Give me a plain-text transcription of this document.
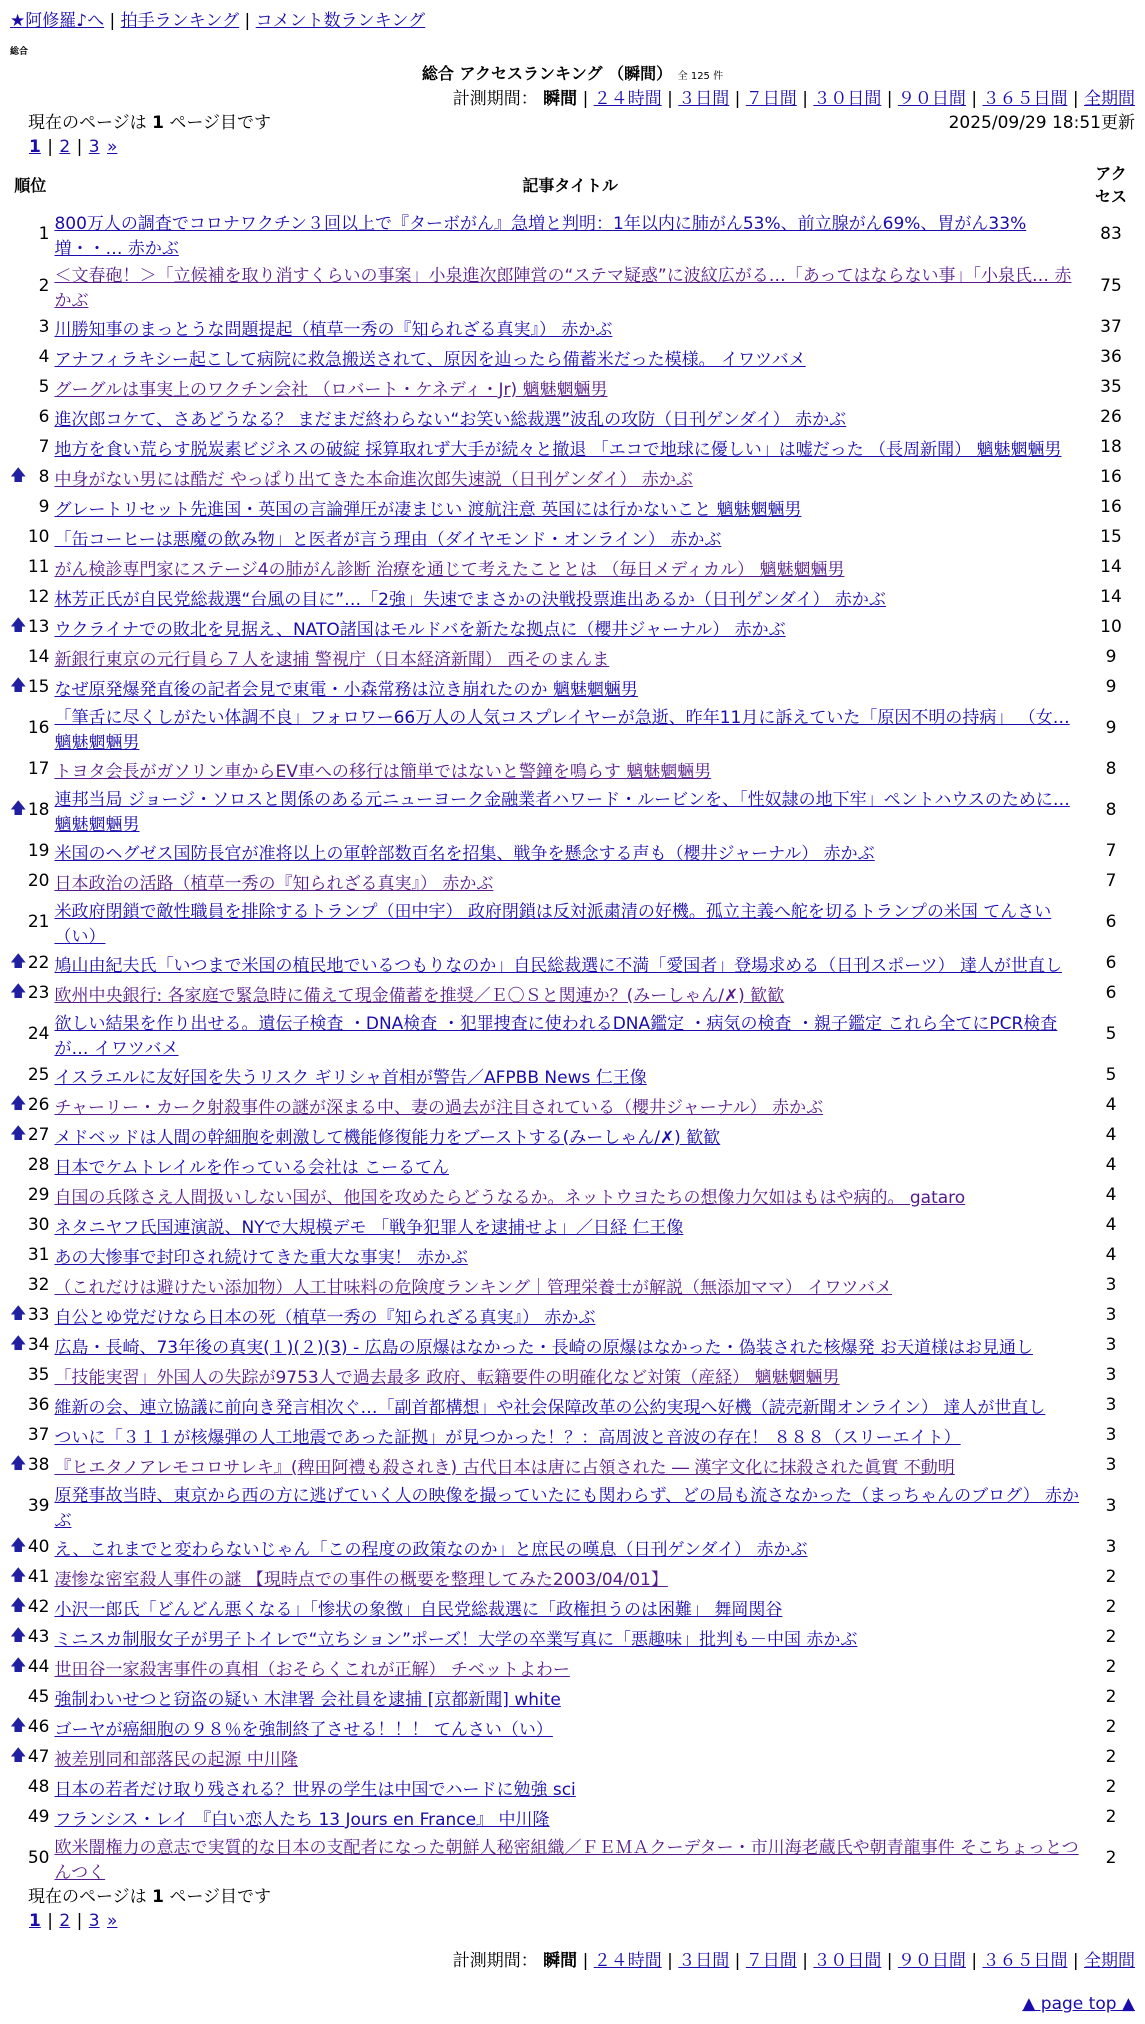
★阿修羅♪へ | 拍手ランキング | コメント数ランキング
総合
総合 アクセスランキング （瞬間） 全 125 件
計測期間： 瞬間 | ２４時間 | ３日間 | ７日間 | ３０日間 | ９０日間 | ３６５日間 | 全期間
現在のページは 1 ページ目です	2025/09/29 18:51更新
1 | 2 | 3 »
順位		記事タイトル	アクセス
	1	800万人の調査でコロナワクチン３回以上で『ターボがん』急増と判明：1年以内に肺がん53%、前立腺がん69%、胃がん33%増・・… 赤かぶ	83
	2	＜文春砲！＞「立候補を取り消すくらいの事案」小泉進次郎陣営の“ステマ疑惑”に波紋広がる…「あってはならない事」「小泉氏… 赤かぶ	75
	3	川勝知事のまっとうな問題提起（植草一秀の『知られざる真実』） 赤かぶ	37
	4	アナフィラキシー起こして病院に救急搬送されて、原因を辿ったら備蓄米だった模様。 イワツバメ	36
	5	グーグルは事実上のワクチン会社 （ロバート・ケネディ・Jr) 魑魅魍魎男	35
	6	進次郎コケて、さあどうなる？ まだまだ終わらない“お笑い総裁選”波乱の攻防（日刊ゲンダイ） 赤かぶ	26
	7	地方を食い荒らす脱炭素ビジネスの破綻 採算取れず大手が続々と撤退 「エコで地球に優しい」は嘘だった （長周新聞） 魑魅魍魎男	18
🡅	8	中身がない男には酷だ やっぱり出てきた本命進次郎失速説（日刊ゲンダイ） 赤かぶ	16
	9	グレートリセット先進国・英国の言論弾圧が凄まじい 渡航注意 英国には行かないこと 魑魅魍魎男	16
	10	「缶コーヒーは悪魔の飲み物」と医者が言う理由（ダイヤモンド・オンライン） 赤かぶ	15
	11	がん検診専門家にステージ4の肺がん診断 治療を通じて考えたこととは （毎日メディカル） 魑魅魍魎男	14
	12	林芳正氏が自民党総裁選“台風の目に”…「2強」失速でまさかの決戦投票進出あるか（日刊ゲンダイ） 赤かぶ	14
🡅	13	ウクライナでの敗北を見据え、NATO諸国はモルドバを新たな拠点に（櫻井ジャーナル） 赤かぶ	10
	14	新銀行東京の元行員ら７人を逮捕 警視庁（日本経済新聞） 西そのまんま	9
🡅	15	なぜ原発爆発直後の記者会見で東電・小森常務は泣き崩れたのか 魑魅魍魎男	9
	16	「筆舌に尽くしがたい体調不良」フォロワー66万人の人気コスプレイヤーが急逝、昨年11月に訴えていた「原因不明の持病」 （女… 魑魅魍魎男	9
	17	トヨタ会長がガソリン車からEV車への移行は簡単ではないと警鐘を鳴らす 魑魅魍魎男	8
🡅	18	連邦当局 ジョージ・ソロスと関係のある元ニューヨーク金融業者ハワード・ルービンを、「性奴隷の地下牢」ペントハウスのために… 魑魅魍魎男	8
	19	米国のヘグゼス国防長官が准将以上の軍幹部数百名を招集、戦争を懸念する声も（櫻井ジャーナル） 赤かぶ	7
	20	日本政治の活路（植草一秀の『知られざる真実』） 赤かぶ	7
	21	米政府閉鎖で敵性職員を排除するトランプ（田中宇） 政府閉鎖は反対派粛清の好機。孤立主義へ舵を切るトランプの米国 てんさい（い）	6
🡅	22	鳩山由紀夫氏「いつまで米国の植民地でいるつもりなのか」自民総裁選に不満「愛国者」登場求める（日刊スポーツ） 達人が世直し	6
🡅	23	欧州中央銀行: 各家庭で緊急時に備えて現金備蓄を推奨／Ｅ〇Ｓと関連か？(みーしゃん/✗) 歓歓	6
	24	欲しい結果を作り出せる。遺伝子検査 ・DNA検査 ・犯罪捜査に使われるDNA鑑定 ・病気の検査 ・親子鑑定 これら全てにPCR検査が… イワツバメ	5
	25	イスラエルに友好国を失うリスク ギリシャ首相が警告／AFPBB News 仁王像	5
🡅	26	チャーリー・カーク射殺事件の謎が深まる中、妻の過去が注目されている（櫻井ジャーナル） 赤かぶ	4
🡅	27	メドベッドは人間の幹細胞を刺激して機能修復能力をブーストする(みーしゃん/✗) 歓歓	4
	28	日本でケムトレイルを作っている会社は こーるてん	4
	29	自国の兵隊さえ人間扱いしない国が、他国を攻めたらどうなるか。ネットウヨたちの想像力欠如はもはや病的。 gataro	4
	30	ネタニヤフ氏国連演説、NYで大規模デモ 「戦争犯罪人を逮捕せよ」／日経 仁王像	4
	31	あの大惨事で封印され続けてきた重大な事実！ 赤かぶ	4
	32	（これだけは避けたい添加物）人工甘味料の危険度ランキング｜管理栄養士が解説（無添加ママ） イワツバメ	3
🡅	33	自公とゆ党だけなら日本の死（植草一秀の『知られざる真実』） 赤かぶ	3
🡅	34	広島・長崎、73年後の真実(１)(２)(3) - 広島の原爆はなかった・長崎の原爆はなかった・偽装された核爆発 お天道様はお見通し	3
	35	「技能実習」外国人の失踪が9753人で過去最多 政府、転籍要件の明確化など対策（産経） 魑魅魍魎男	3
	36	維新の会、連立協議に前向き発言相次ぐ…「副首都構想」や社会保障改革の公約実現へ好機（読売新聞オンライン） 達人が世直し	3
	37	ついに「３１１が核爆弾の人工地震であった証拠」が見つかった！？：高周波と音波の存在！ ８８８（スリーエイト）	3
🡅	38	『ヒエタノアレモコロサレキ』(稗田阿禮も殺されき) 古代日本は唐に占領された ― 漢字文化に抹殺された眞實 不動明	3
	39	原発事故当時、東京から西の方に逃げていく人の映像を撮っていたにも関わらず、どの局も流さなかった（まっちゃんのブログ） 赤かぶ	3
🡅	40	え、これまでと変わらないじゃん「この程度の政策なのか」と庶民の嘆息（日刊ゲンダイ） 赤かぶ	3
🡅	41	凄惨な密室殺人事件の謎 【現時点での事件の概要を整理してみた2003/04/01】	2
🡅	42	小沢一郎氏「どんどん悪くなる」「惨状の象徴」自民党総裁選に「政権担うのは困難」 舞岡関谷	2
🡅	43	ミニスカ制服女子が男子トイレで“立ちション”ポーズ！大学の卒業写真に「悪趣味」批判も－中国 赤かぶ	2
🡅	44	世田谷一家殺害事件の真相（おそらくこれが正解） チベットよわー	2
	45	強制わいせつと窃盗の疑い 木津署 会社員を逮捕 [京都新聞] white	2
🡅	46	ゴーヤが癌細胞の９８％を強制終了させる！！！ てんさい（い）	2
🡅	47	被差別同和部落民の起源 中川隆	2
	48	日本の若者だけ取り残される？世界の学生は中国でハードに勉強 sci	2
	49	フランシス・レイ 『白い恋人たち 13 Jours en France』 中川隆	2
	50	欧米闇権力の意志で実質的な日本の支配者になった朝鮮人秘密組織／ＦＥＭＡクーデター・市川海老蔵氏や朝青龍事件 そこちょっとつんつく	2
現在のページは 1 ページ目です
1 | 2 | 3 »
計測期間： 瞬間 | ２４時間 | ３日間 | ７日間 | ３０日間 | ９０日間 | ３６５日間 | 全期間
▲ page top ▲
